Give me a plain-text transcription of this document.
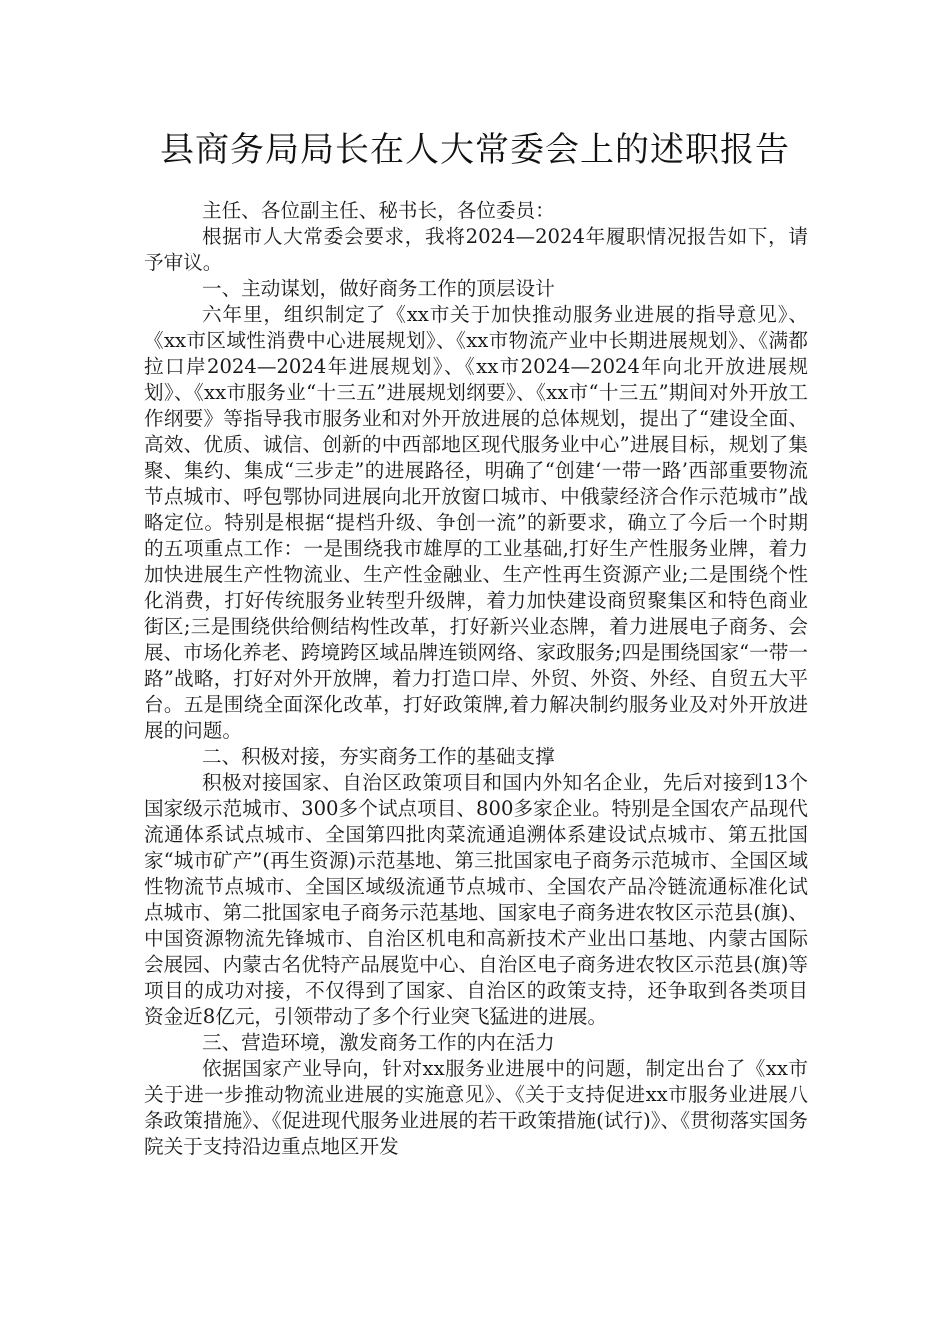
县商务局局长在人大常委会上的述职报告

主任、各位副主任、秘书长，各位委员：

根据市人大常委会要求，我将2024—2024年履职情况报告如下，请予审议。

一、主动谋划，做好商务工作的顶层设计

六年里，组织制定了《xx市关于加快推动服务业进展的指导意见》、《xx市区域性消费中心进展规划》、《xx市物流产业中长期进展规划》、《满都拉口岸2024—2024年进展规划》、《xx市2024—2024年向北开放进展规划》、《xx市服务业“十三五”进展规划纲要》、《xx市“十三五”期间对外开放工作纲要》等指导我市服务业和对外开放进展的总体规划，提出了“建设全面、高效、优质、诚信、创新的中西部地区现代服务业中心”进展目标，规划了集聚、集约、集成“三步走”的进展路径，明确了“创建‘一带一路’西部重要物流节点城市、呼包鄂协同进展向北开放窗口城市、中俄蒙经济合作示范城市”战略定位。特别是根据“提档升级、争创一流”的新要求，确立了今后一个时期的五项重点工作：一是围绕我市雄厚的工业基础,打好生产性服务业牌，着力加快进展生产性物流业、生产性金融业、生产性再生资源产业;二是围绕个性化消费，打好传统服务业转型升级牌，着力加快建设商贸聚集区和特色商业街区;三是围绕供给侧结构性改革，打好新兴业态牌，着力进展电子商务、会展、市场化养老、跨境跨区域品牌连锁网络、家政服务;四是围绕国家“一带一路”战略，打好对外开放牌，着力打造口岸、外贸、外资、外经、自贸五大平台。五是围绕全面深化改革，打好政策牌,着力解决制约服务业及对外开放进展的问题。

二、积极对接，夯实商务工作的基础支撑

积极对接国家、自治区政策项目和国内外知名企业，先后对接到13个国家级示范城市、300多个试点项目、800多家企业。特别是全国农产品现代流通体系试点城市、全国第四批肉菜流通追溯体系建设试点城市、第五批国家“城市矿产”(再生资源)示范基地、第三批国家电子商务示范城市、全国区域性物流节点城市、全国区域级流通节点城市、全国农产品冷链流通标准化试点城市、第二批国家电子商务示范基地、国家电子商务进农牧区示范县(旗)、中国资源物流先锋城市、自治区机电和高新技术产业出口基地、内蒙古国际会展园、内蒙古名优特产品展览中心、自治区电子商务进农牧区示范县(旗)等项目的成功对接，不仅得到了国家、自治区的政策支持，还争取到各类项目资金近8亿元，引领带动了多个行业突飞猛进的进展。

三、营造环境，激发商务工作的内在活力

依据国家产业导向，针对xx服务业进展中的问题，制定出台了《xx市关于进一步推动物流业进展的实施意见》、《关于支持促进xx市服务业进展八条政策措施》、《促进现代服务业进展的若干政策措施(试行)》、《贯彻落实国务院关于支持沿边重点地区开发
